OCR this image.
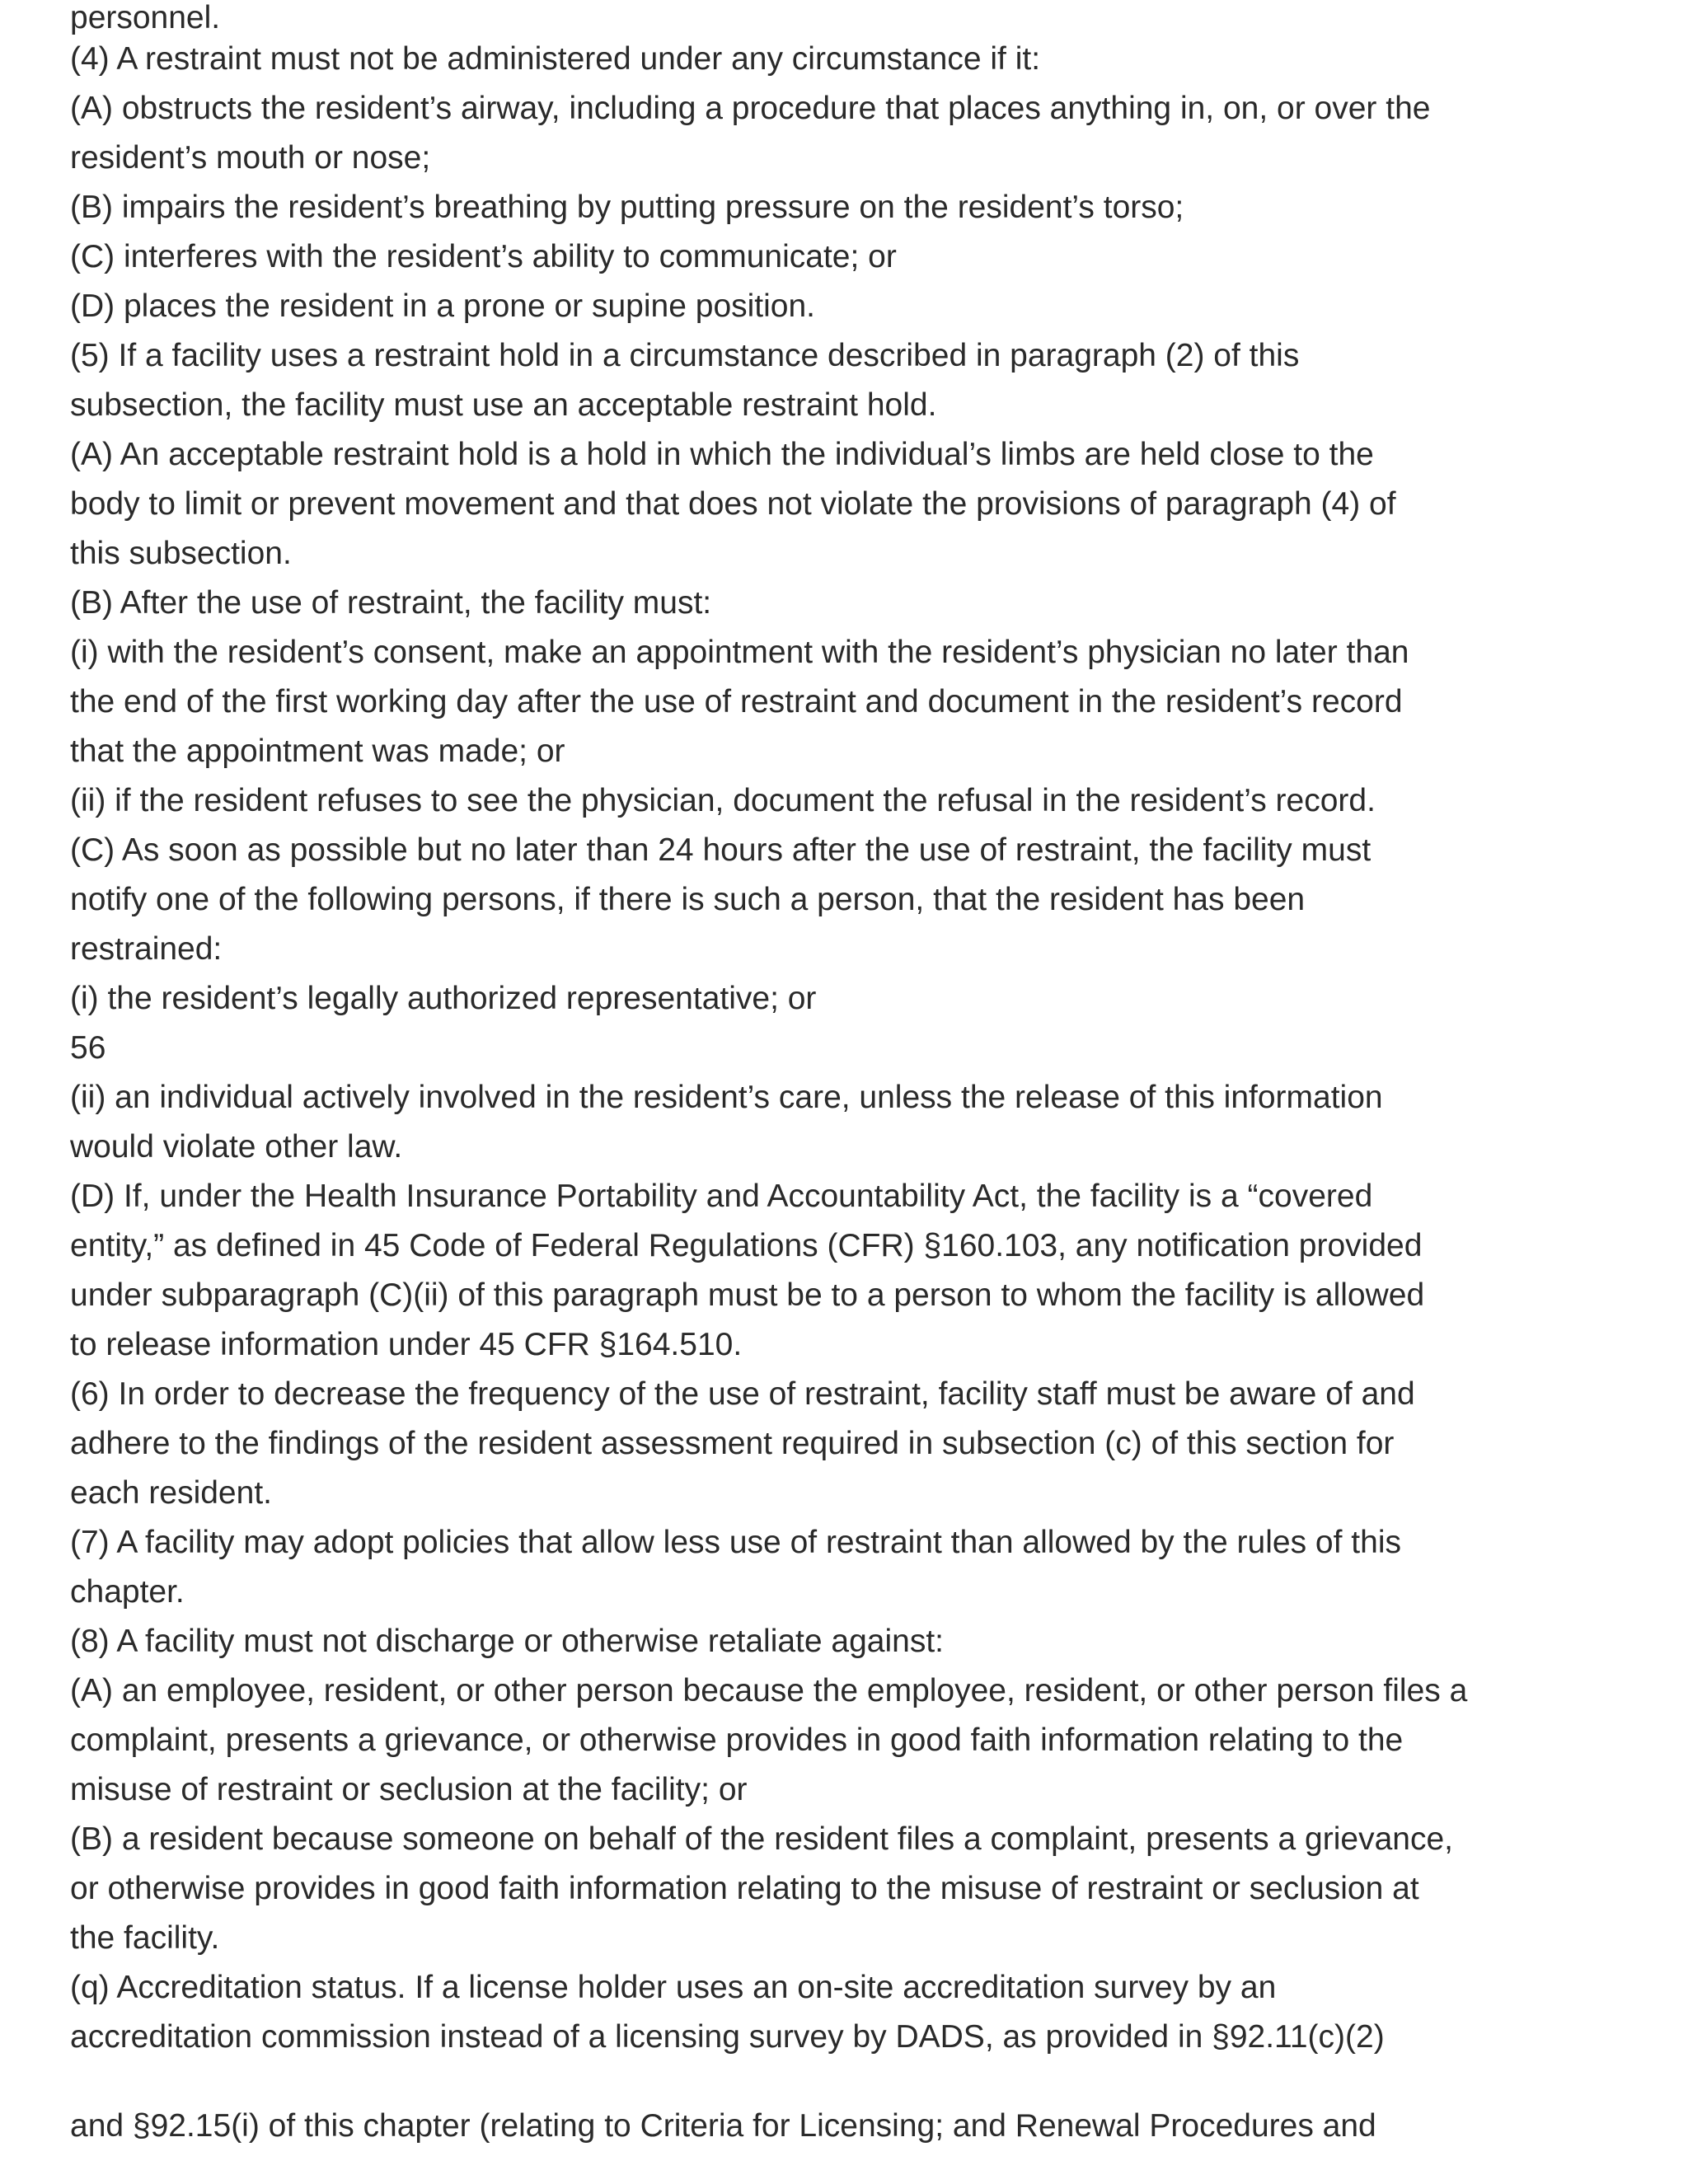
personnel.
(4) A restraint must not be administered under any circumstance if it:
(A) obstructs the resident’s airway, including a procedure that places anything in, on, or over the
resident’s mouth or nose;
(B) impairs the resident’s breathing by putting pressure on the resident’s torso;
(C) interferes with the resident’s ability to communicate; or
(D) places the resident in a prone or supine position.
(5) If a facility uses a restraint hold in a circumstance described in paragraph (2) of this
subsection, the facility must use an acceptable restraint hold.
(A) An acceptable restraint hold is a hold in which the individual’s limbs are held close to the
body to limit or prevent movement and that does not violate the provisions of paragraph (4) of
this subsection.
(B) After the use of restraint, the facility must:
(i) with the resident’s consent, make an appointment with the resident’s physician no later than
the end of the first working day after the use of restraint and document in the resident’s record
that the appointment was made; or
(ii) if the resident refuses to see the physician, document the refusal in the resident’s record.
(C) As soon as possible but no later than 24 hours after the use of restraint, the facility must
notify one of the following persons, if there is such a person, that the resident has been
restrained:
(i) the resident’s legally authorized representative; or
56
(ii) an individual actively involved in the resident’s care, unless the release of this information
would violate other law.
(D) If, under the Health Insurance Portability and Accountability Act, the facility is a “covered
entity,” as defined in 45 Code of Federal Regulations (CFR) §160.103, any notification provided
under subparagraph (C)(ii) of this paragraph must be to a person to whom the facility is allowed
to release information under 45 CFR §164.510.
(6) In order to decrease the frequency of the use of restraint, facility staff must be aware of and
adhere to the findings of the resident assessment required in subsection (c) of this section for
each resident.
(7) A facility may adopt policies that allow less use of restraint than allowed by the rules of this
chapter.
(8) A facility must not discharge or otherwise retaliate against:
(A) an employee, resident, or other person because the employee, resident, or other person files a
complaint, presents a grievance, or otherwise provides in good faith information relating to the
misuse of restraint or seclusion at the facility; or
(B) a resident because someone on behalf of the resident files a complaint, presents a grievance,
or otherwise provides in good faith information relating to the misuse of restraint or seclusion at
the facility.
(q) Accreditation status. If a license holder uses an on-site accreditation survey by an
accreditation commission instead of a licensing survey by DADS, as provided in §92.11(c)(2)
and §92.15(i) of this chapter (relating to Criteria for Licensing; and Renewal Procedures and
